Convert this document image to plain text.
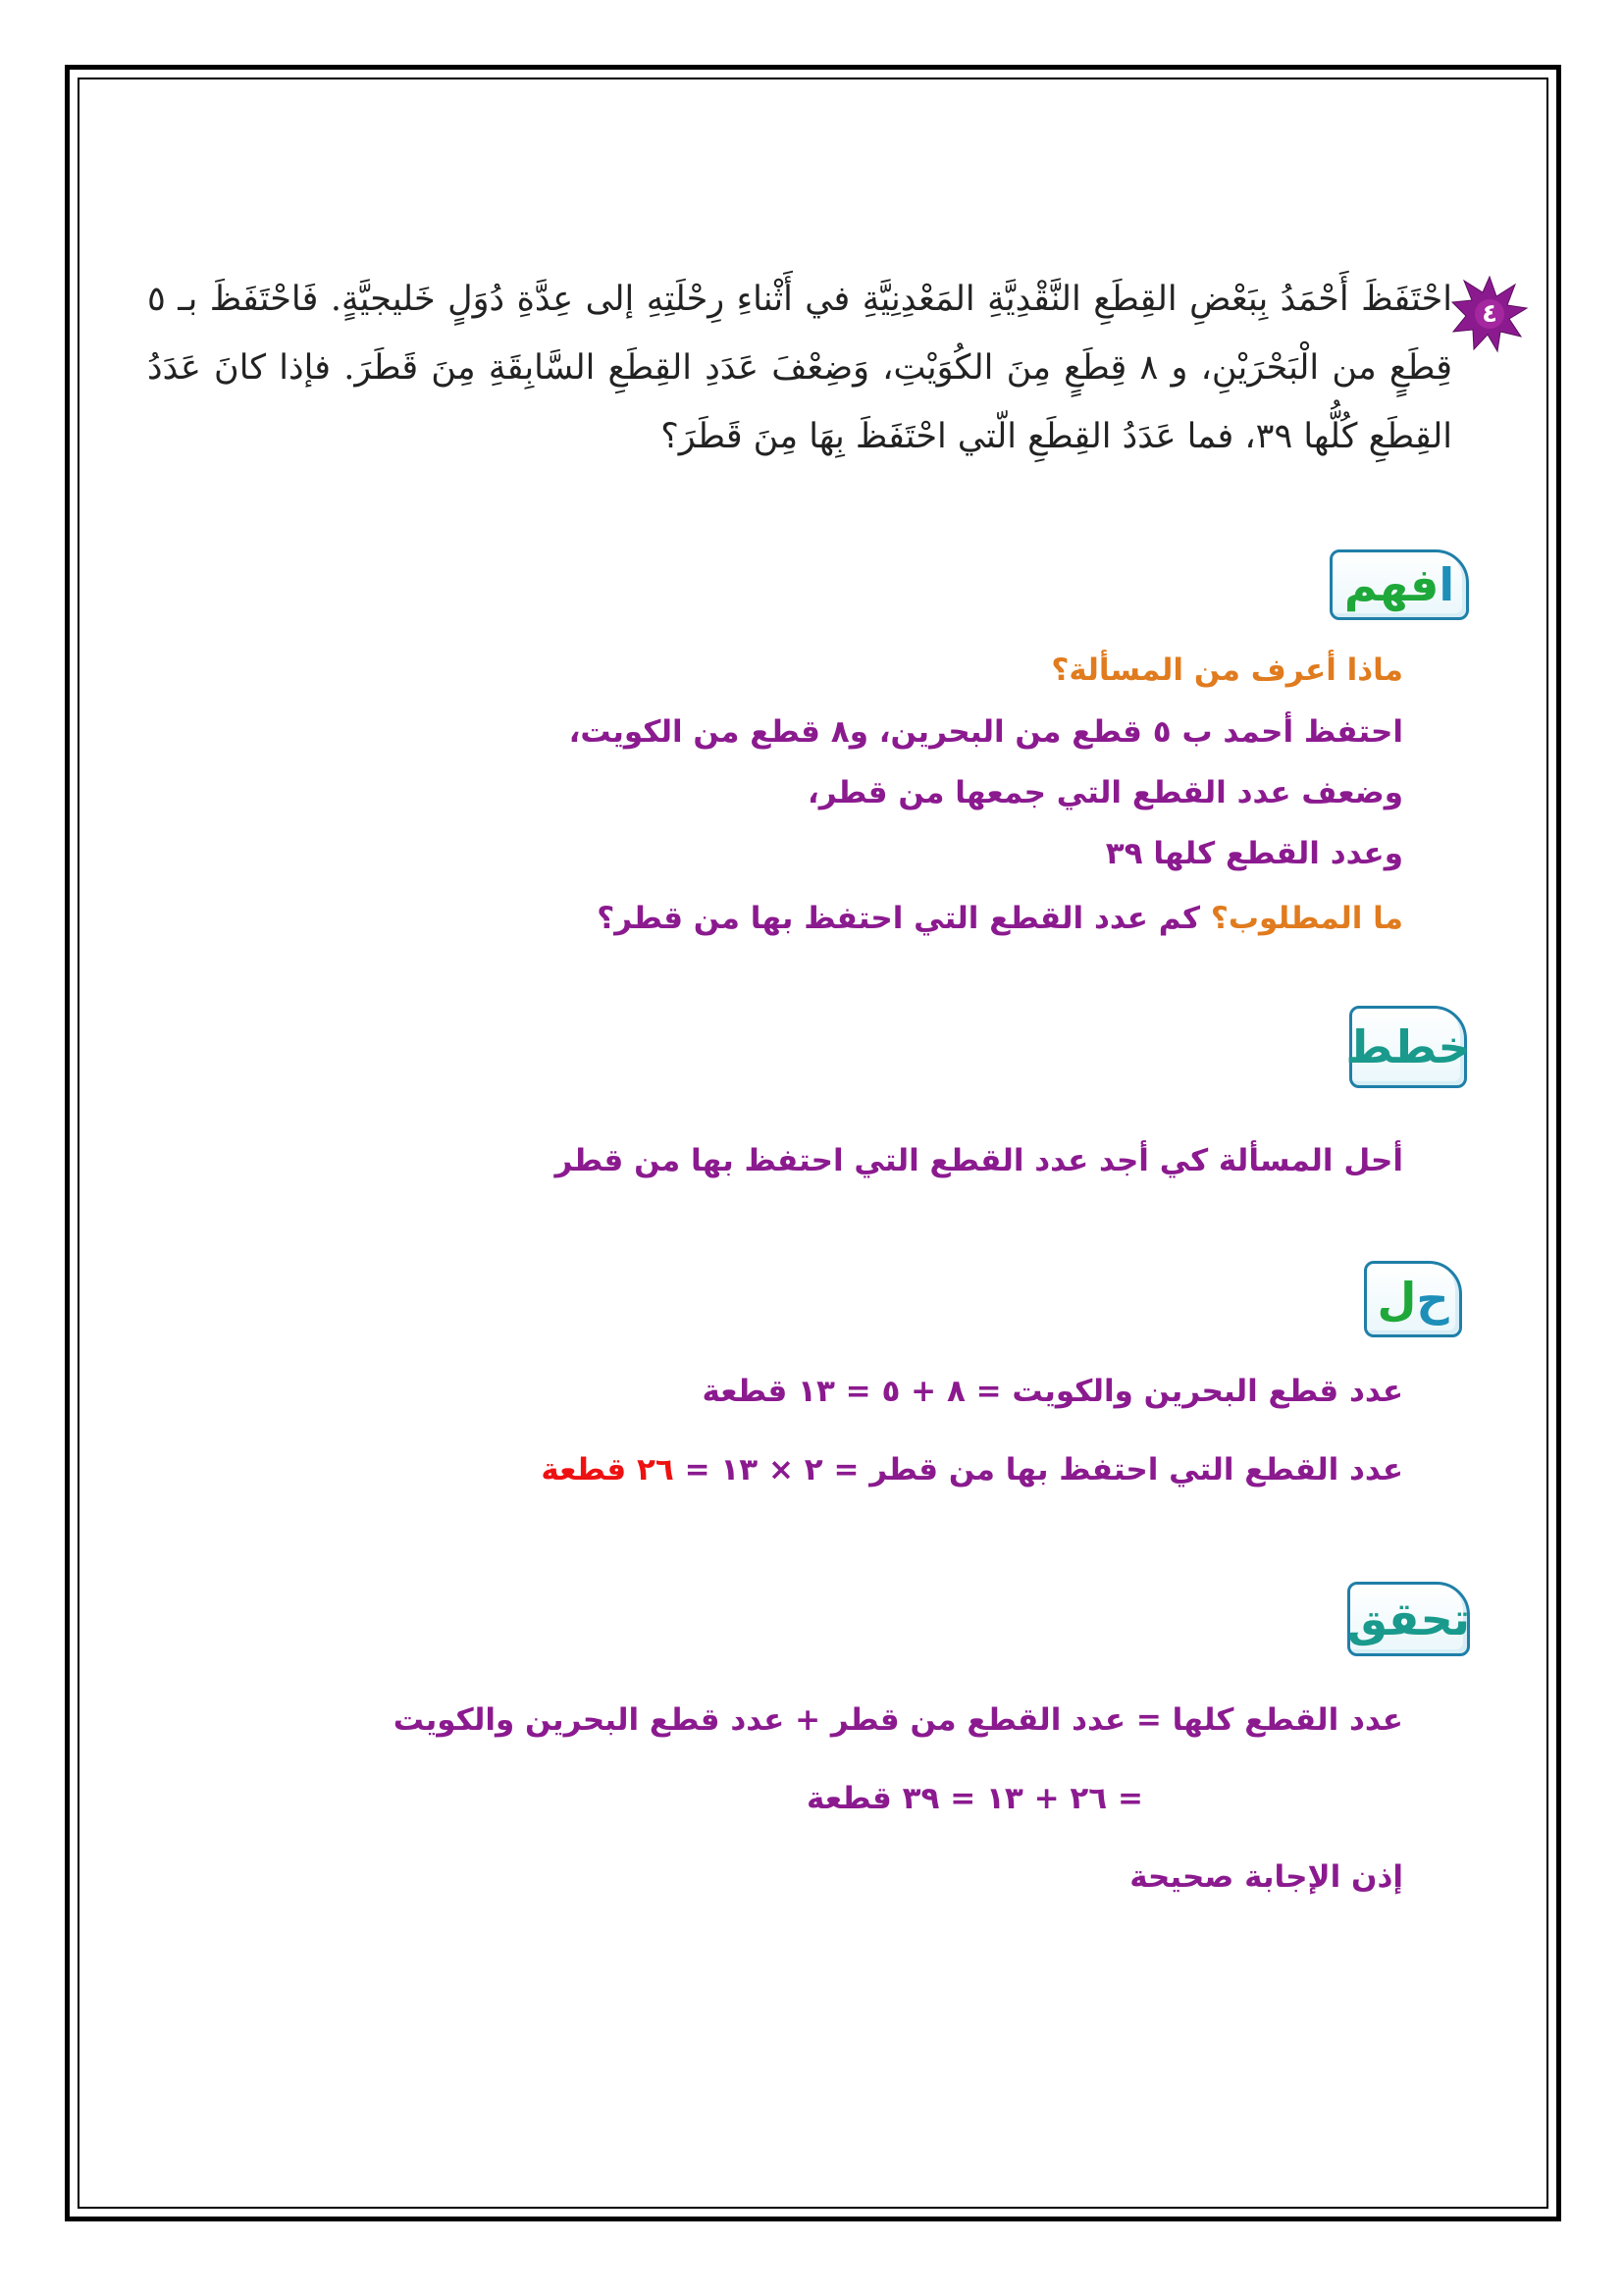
٤
احْتَفَظَ أَحْمَدُ بِبَعْضِ القِطَعِ النَّقْدِيَّةِ المَعْدِنِيَّةِ في أَثْناءِ رِحْلَتِهِ إلى عِدَّةِ دُوَلٍ خَليجيَّةٍ. فَاحْتَفَظَ بـ ٥ قِطَعٍ من الْبَحْرَيْنِ، و ٨ قِطَعٍ مِنَ الكُوَيْتِ، وَضِعْفَ عَدَدِ القِطَعِ السَّابِقَةِ مِنَ قَطَرَ. فإذا كانَ عَدَدُ القِطَعِ كُلُّها ٣٩، فما عَدَدُ القِطَعِ الّتي احْتَفَظَ بِهَا مِنَ قَطَرَ؟
ا
فهم
ماذا أعرف من المسألة؟
احتفظ أحمد ب ٥ قطع من البحرين، و٨ قطع من الكويت،
وضعف عدد القطع التي جمعها من قطر،
وعدد القطع كلها ٣٩
ما المطلوب؟ كم عدد القطع التي احتفظ بها من قطر؟
خطط
أحل المسألة كي أجد عدد القطع التي احتفظ بها من قطر
ح
ل
عدد قطع البحرين والكويت = ٨ + ٥ = ١٣ قطعة
عدد القطع التي احتفظ بها من قطر = ٢ × ١٣ = ٢٦ قطعة
تحقق
عدد القطع كلها = عدد القطع من قطر + عدد قطع البحرين والكويت
= ٢٦ + ١٣ = ٣٩ قطعة
إذن الإجابة صحيحة
